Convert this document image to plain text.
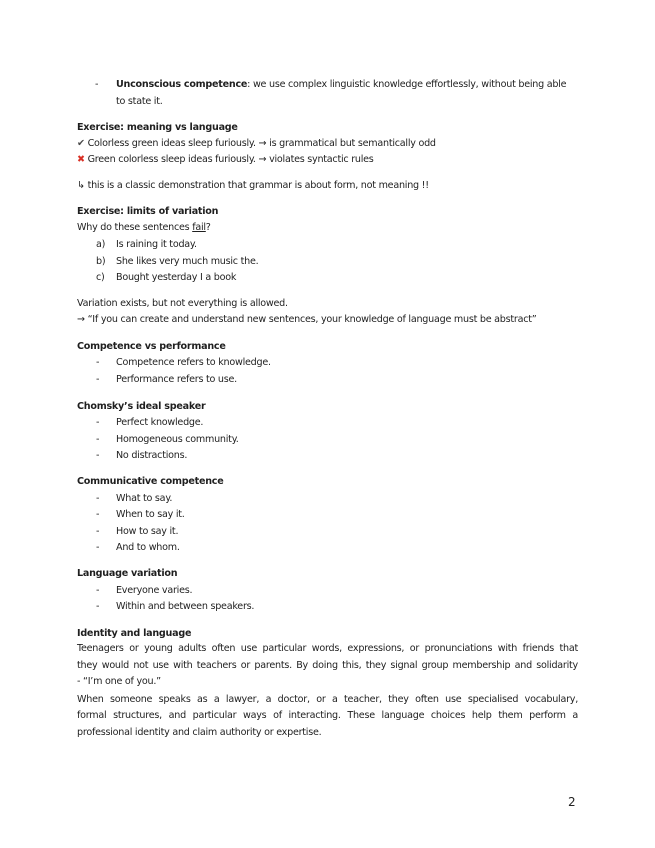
- Unconscious competence: we use complex linguistic knowledge effortlessly, without being able
to state it.
Exercise: meaning vs language
✔ Colorless green ideas sleep furiously. → is grammatical but semantically odd
✖ Green colorless sleep ideas furiously. → violates syntactic rules
↳ this is a classic demonstration that grammar is about form, not meaning !!
Exercise: limits of variation
Why do these sentences fail?
a) Is raining it today.
b) She likes very much music the.
c) Bought yesterday I a book
Variation exists, but not everything is allowed.
→ “If you can create and understand new sentences, your knowledge of language must be abstract”
Competence vs performance
- Competence refers to knowledge.
- Performance refers to use.
Chomsky’s ideal speaker
- Perfect knowledge.
- Homogeneous community.
- No distractions.
Communicative competence
- What to say.
- When to say it.
- How to say it.
- And to whom.
Language variation
- Everyone varies.
- Within and between speakers.
Identity and language
Teenagers or young adults often use particular words, expressions, or pronunciations with friends that
they would not use with teachers or parents. By doing this, they signal group membership and solidarity
- “I’m one of you.”
When someone speaks as a lawyer, a doctor, or a teacher, they often use specialised vocabulary,
formal structures, and particular ways of interacting. These language choices help them perform a
professional identity and claim authority or expertise.
2
